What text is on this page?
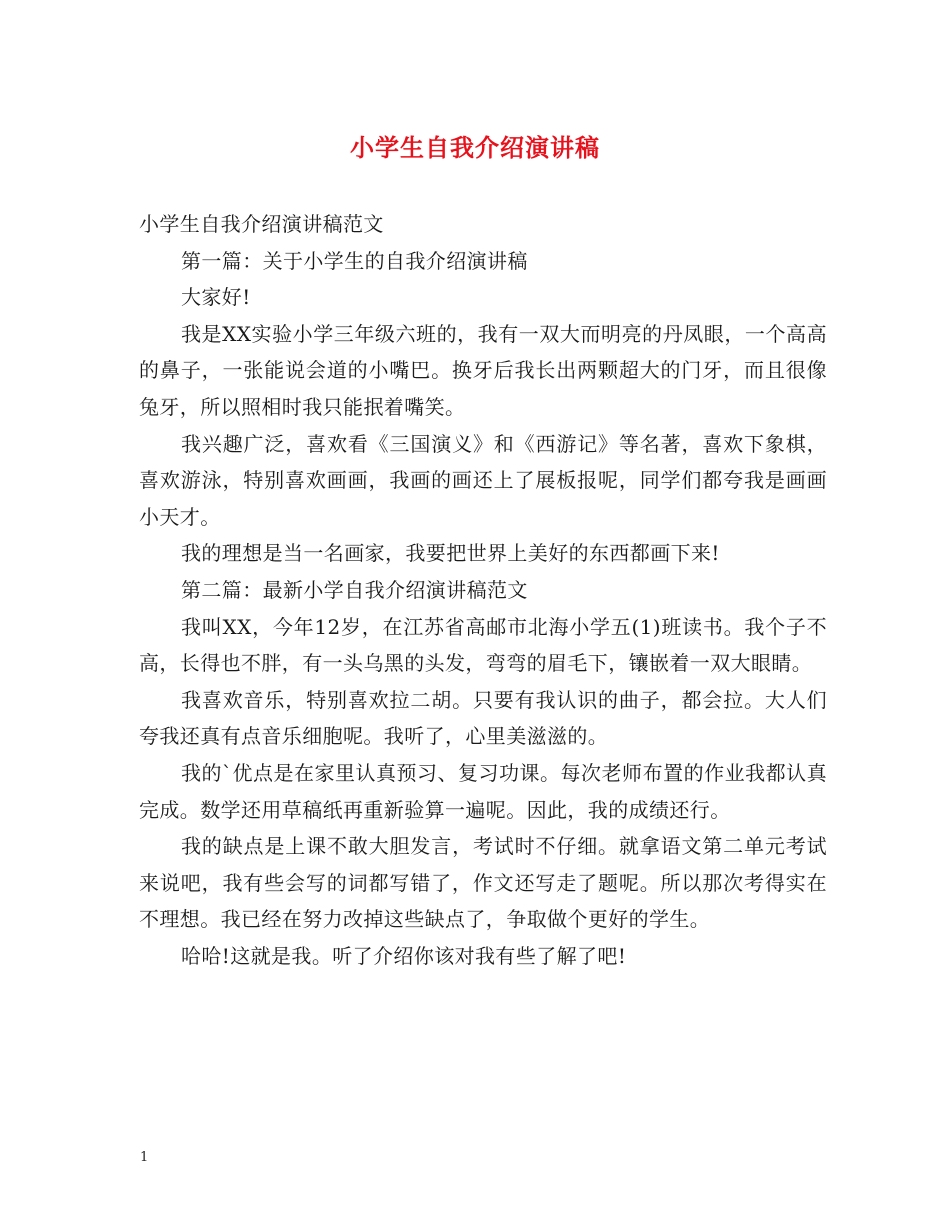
小学生自我介绍演讲稿

小学生自我介绍演讲稿范文

第一篇：关于小学生的自我介绍演讲稿

大家好!

我是XX实验小学三年级六班的，我有一双大而明亮的丹凤眼，一个高高的鼻子，一张能说会道的小嘴巴。换牙后我长出两颗超大的门牙，而且很像兔牙，所以照相时我只能抿着嘴笑。

我兴趣广泛，喜欢看《三国演义》和《西游记》等名著，喜欢下象棋，喜欢游泳，特别喜欢画画，我画的画还上了展板报呢，同学们都夸我是画画小天才。

我的理想是当一名画家，我要把世界上美好的东西都画下来!

第二篇：最新小学自我介绍演讲稿范文

我叫XX，今年12岁，在江苏省高邮市北海小学五(1)班读书。我个子不高，长得也不胖，有一头乌黑的头发，弯弯的眉毛下，镶嵌着一双大眼睛。

我喜欢音乐，特别喜欢拉二胡。只要有我认识的曲子，都会拉。大人们夸我还真有点音乐细胞呢。我听了，心里美滋滋的。

我的`优点是在家里认真预习、复习功课。每次老师布置的作业我都认真完成。数学还用草稿纸再重新验算一遍呢。因此，我的成绩还行。

我的缺点是上课不敢大胆发言，考试时不仔细。就拿语文第二单元考试来说吧，我有些会写的词都写错了，作文还写走了题呢。所以那次考得实在不理想。我已经在努力改掉这些缺点了，争取做个更好的学生。

哈哈!这就是我。听了介绍你该对我有些了解了吧!

1
